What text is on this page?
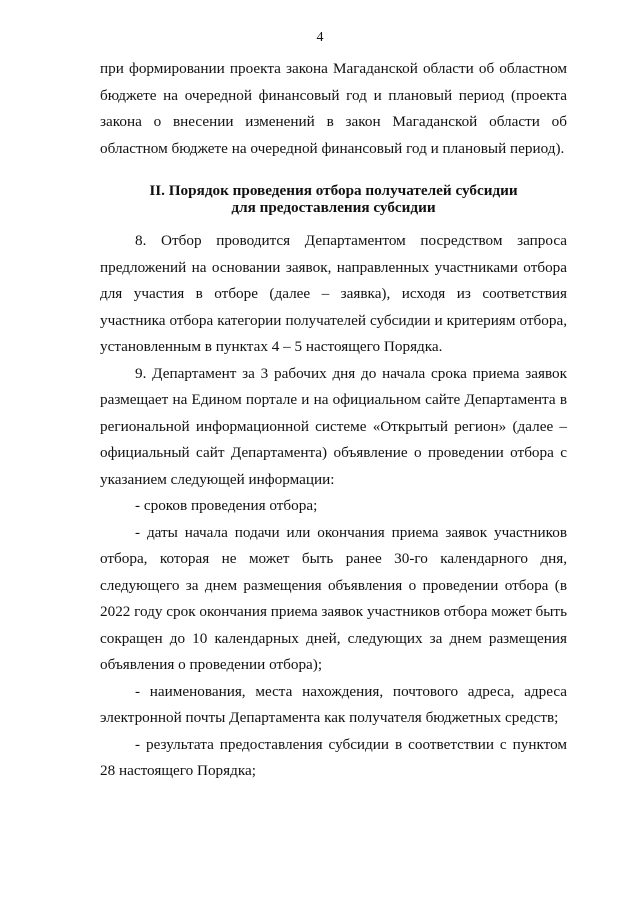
4

при формировании проекта закона Магаданской области об областном бюджете на очередной финансовый год и плановый период (проекта закона о внесении изменений в закон Магаданской области об областном бюджете на очередной финансовый год и плановый период).

II. Порядок проведения отбора получателей субсидии

для предоставления субсидии

8. Отбор проводится Департаментом посредством запроса предложений на основании заявок, направленных участниками отбора для участия в отборе (далее – заявка), исходя из соответствия участника отбора категории получателей субсидии и критериям отбора, установленным в пунктах 4 – 5 настоящего Порядка.

9. Департамент за 3 рабочих дня до начала срока приема заявок размещает на Едином портале и на официальном сайте Департамента в региональной информационной системе «Открытый регион» (далее – официальный сайт Департамента) объявление о проведении отбора с указанием следующей информации:

- сроков проведения отбора;

- даты начала подачи или окончания приема заявок участников отбора, которая не может быть ранее 30-го календарного дня, следующего за днем размещения объявления о проведении отбора (в 2022 году срок окончания приема заявок участников отбора может быть сокращен до 10 календарных дней, следующих за днем размещения объявления о проведении отбора);

- наименования, места нахождения, почтового адреса, адреса электронной почты Департамента как получателя бюджетных средств;

- результата предоставления субсидии в соответствии с пунктом 28 настоящего Порядка;
